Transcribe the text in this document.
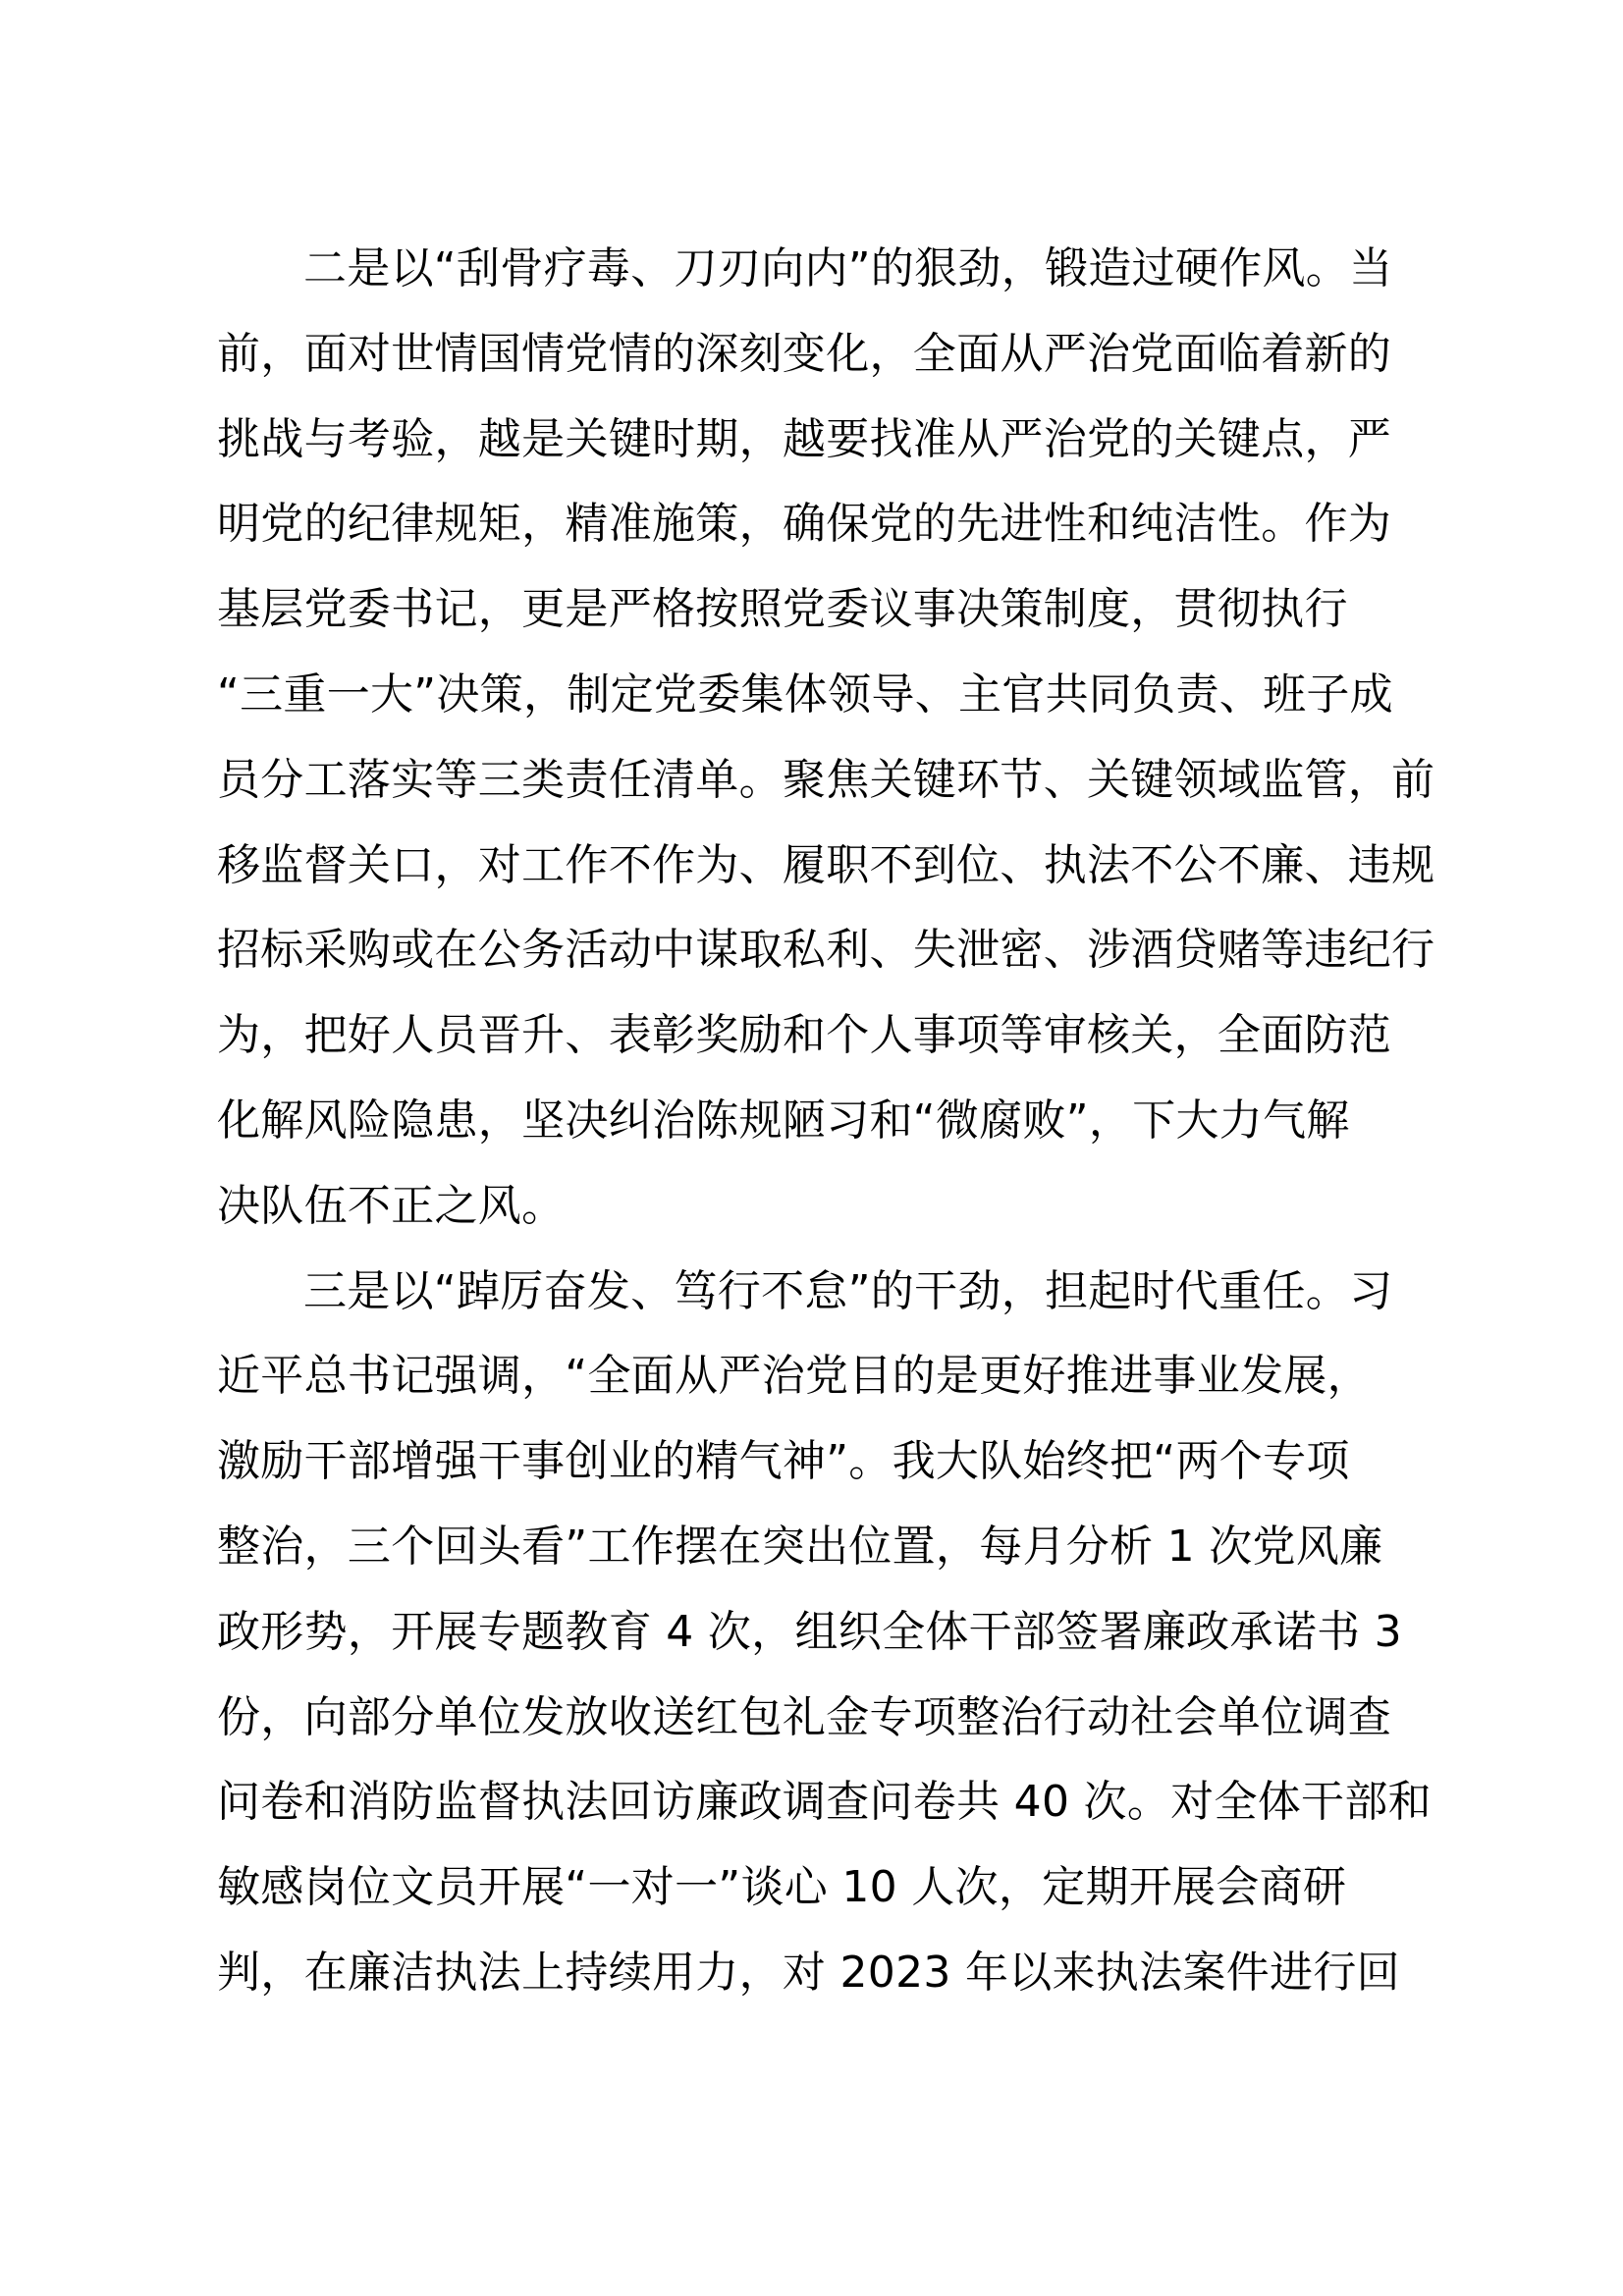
二是以“刮骨疗毒、刀刃向内”的狠劲，锻造过硬作风。当
前，面对世情国情党情的深刻变化，全面从严治党面临着新的
挑战与考验，越是关键时期，越要找准从严治党的关键点，严
明党的纪律规矩，精准施策，确保党的先进性和纯洁性。作为
基层党委书记，更是严格按照党委议事决策制度，贯彻执行
“三重一大”决策，制定党委集体领导、主官共同负责、班子成
员分工落实等三类责任清单。聚焦关键环节、关键领域监管，前
移监督关口，对工作不作为、履职不到位、执法不公不廉、违规
招标采购或在公务活动中谋取私利、失泄密、涉酒贷赌等违纪行
为，把好人员晋升、表彰奖励和个人事项等审核关，全面防范
化解风险隐患，坚决纠治陈规陋习和“微腐败”，下大力气解
决队伍不正之风。
三是以“踔厉奋发、笃行不怠”的干劲，担起时代重任。习
近平总书记强调，“全面从严治党目的是更好推进事业发展，
激励干部增强干事创业的精气神”。我大队始终把“两个专项
整治，三个回头看”工作摆在突出位置，每月分析 1 次党风廉
政形势，开展专题教育 4 次，组织全体干部签署廉政承诺书 3
份，向部分单位发放收送红包礼金专项整治行动社会单位调查
问卷和消防监督执法回访廉政调查问卷共 40 次。对全体干部和
敏感岗位文员开展“一对一”谈心 10 人次，定期开展会商研
判，在廉洁执法上持续用力，对 2023 年以来执法案件进行回
